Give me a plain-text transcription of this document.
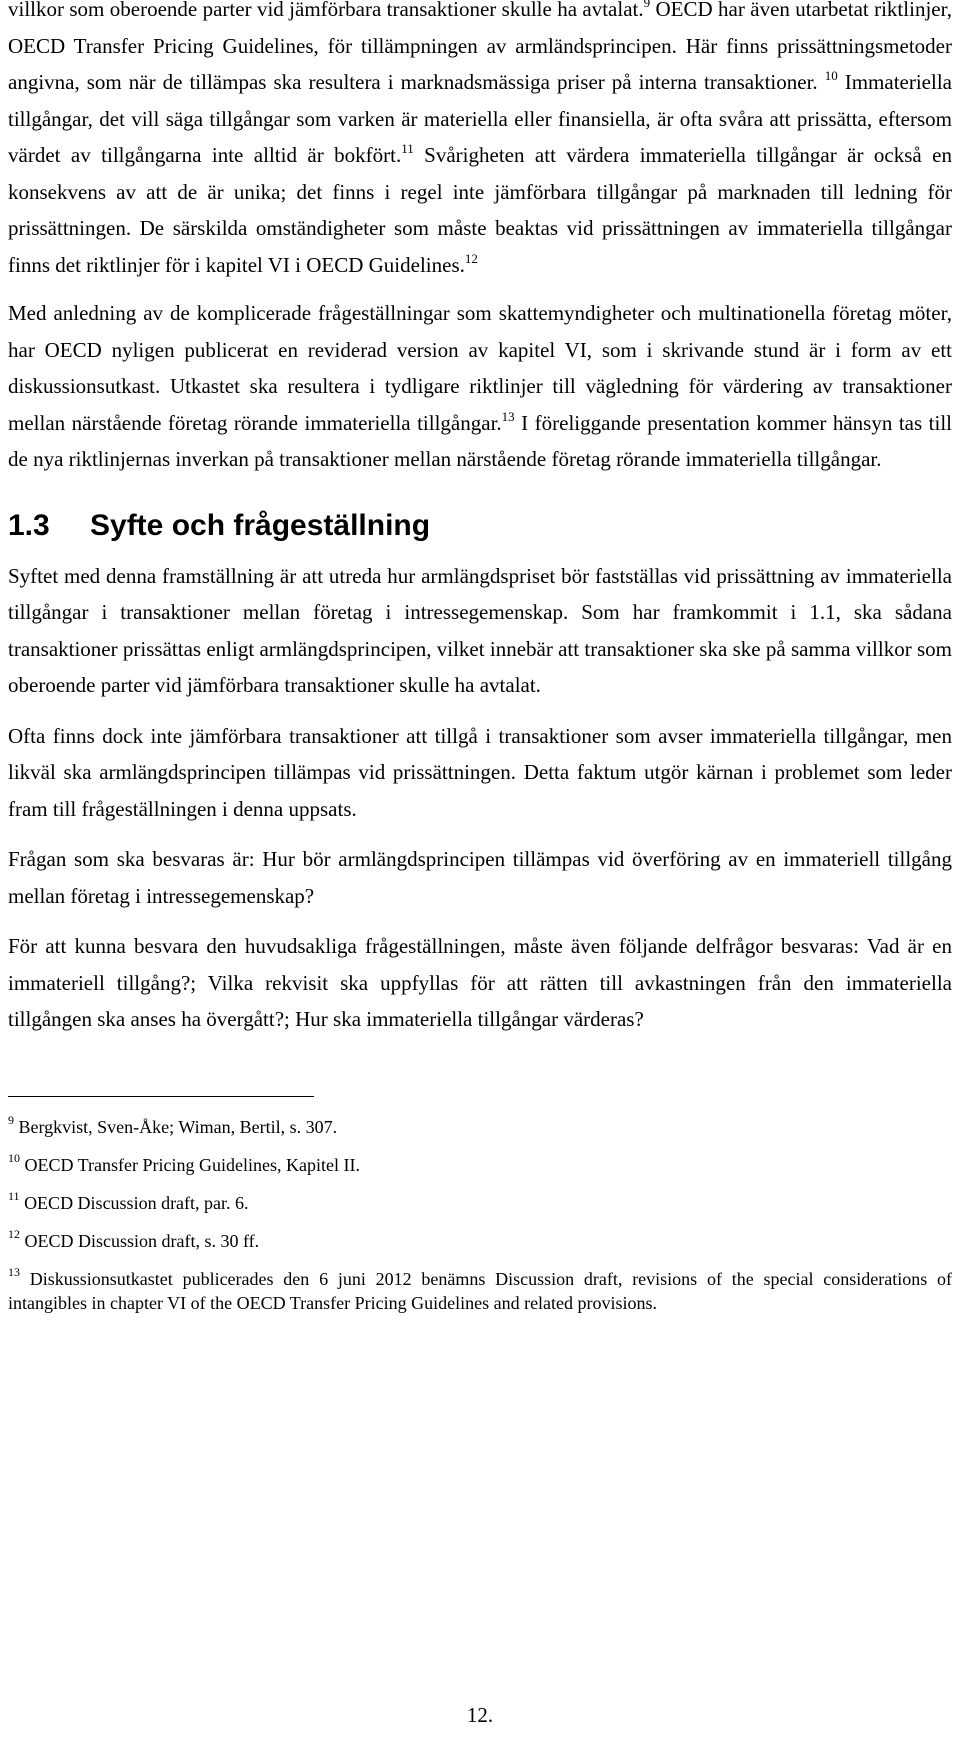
villkor som oberoende parter vid jämförbara transaktioner skulle ha avtalat.$^9$ OECD har även utarbetat riktlinjer, OECD Transfer Pricing Guidelines, för tillämpningen av armländsprincipen. Här finns prissättningsmetoder angivna, som när de tillämpas ska resultera i marknadsmässiga priser på interna transaktioner. $^{10}$ Immateriella tillgångar, det vill säga tillgångar som varken är materiella eller finansiella, är ofta svåra att prissätta, eftersom värdet av tillgångarna inte alltid är bokfört.$^{11}$ Svårigheten att värdera immateriella tillgångar är också en konsekvens av att de är unika; det finns i regel inte jämförbara tillgångar på marknaden till ledning för prissättningen. De särskilda omständigheter som måste beaktas vid prissättningen av immateriella tillgångar finns det riktlinjer för i kapitel VI i OECD Guidelines.$^{12}$

Med anledning av de komplicerade frågeställningar som skattemyndigheter och multinationella företag möter, har OECD nyligen publicerat en reviderad version av kapitel VI, som i skrivande stund är i form av ett diskussionsutkast. Utkastet ska resultera i tydligare riktlinjer till vägledning för värdering av transaktioner mellan närstående företag rörande immateriella tillgångar.$^{13}$ I föreliggande presentation kommer hänsyn tas till de nya riktlinjernas inverkan på transaktioner mellan närstående företag rörande immateriella tillgångar.

1.3 Syfte och frågeställning

Syftet med denna framställning är att utreda hur armlängdspriset bör fastställas vid prissättning av immateriella tillgångar i transaktioner mellan företag i intressegemenskap. Som har framkommit i 1.1, ska sådana transaktioner prissättas enligt armlängdsprincipen, vilket innebär att transaktioner ska ske på samma villkor som oberoende parter vid jämförbara transaktioner skulle ha avtalat.

Ofta finns dock inte jämförbara transaktioner att tillgå i transaktioner som avser immateriella tillgångar, men likväl ska armlängdsprincipen tillämpas vid prissättningen. Detta faktum utgör kärnan i problemet som leder fram till frågeställningen i denna uppsats.

Frågan som ska besvaras är: Hur bör armlängdsprincipen tillämpas vid överföring av en immateriell tillgång mellan företag i intressegemenskap?

För att kunna besvara den huvudsakliga frågeställningen, måste även följande delfrågor besvaras: Vad är en immateriell tillgång?; Vilka rekvisit ska uppfyllas för att rätten till avkastningen från den immateriella tillgången ska anses ha övergått?; Hur ska immateriella tillgångar värderas?

$^9$ Bergkvist, Sven-Åke; Wiman, Bertil, s. 307.

$^{10}$ OECD Transfer Pricing Guidelines, Kapitel II.

$^{11}$ OECD Discussion draft, par. 6.

$^{12}$ OECD Discussion draft, s. 30 ff.

$^{13}$ Diskussionsutkastet publicerades den 6 juni 2012 benämns Discussion draft, revisions of the special considerations of intangibles in chapter VI of the OECD Transfer Pricing Guidelines and related provisions.

12.
